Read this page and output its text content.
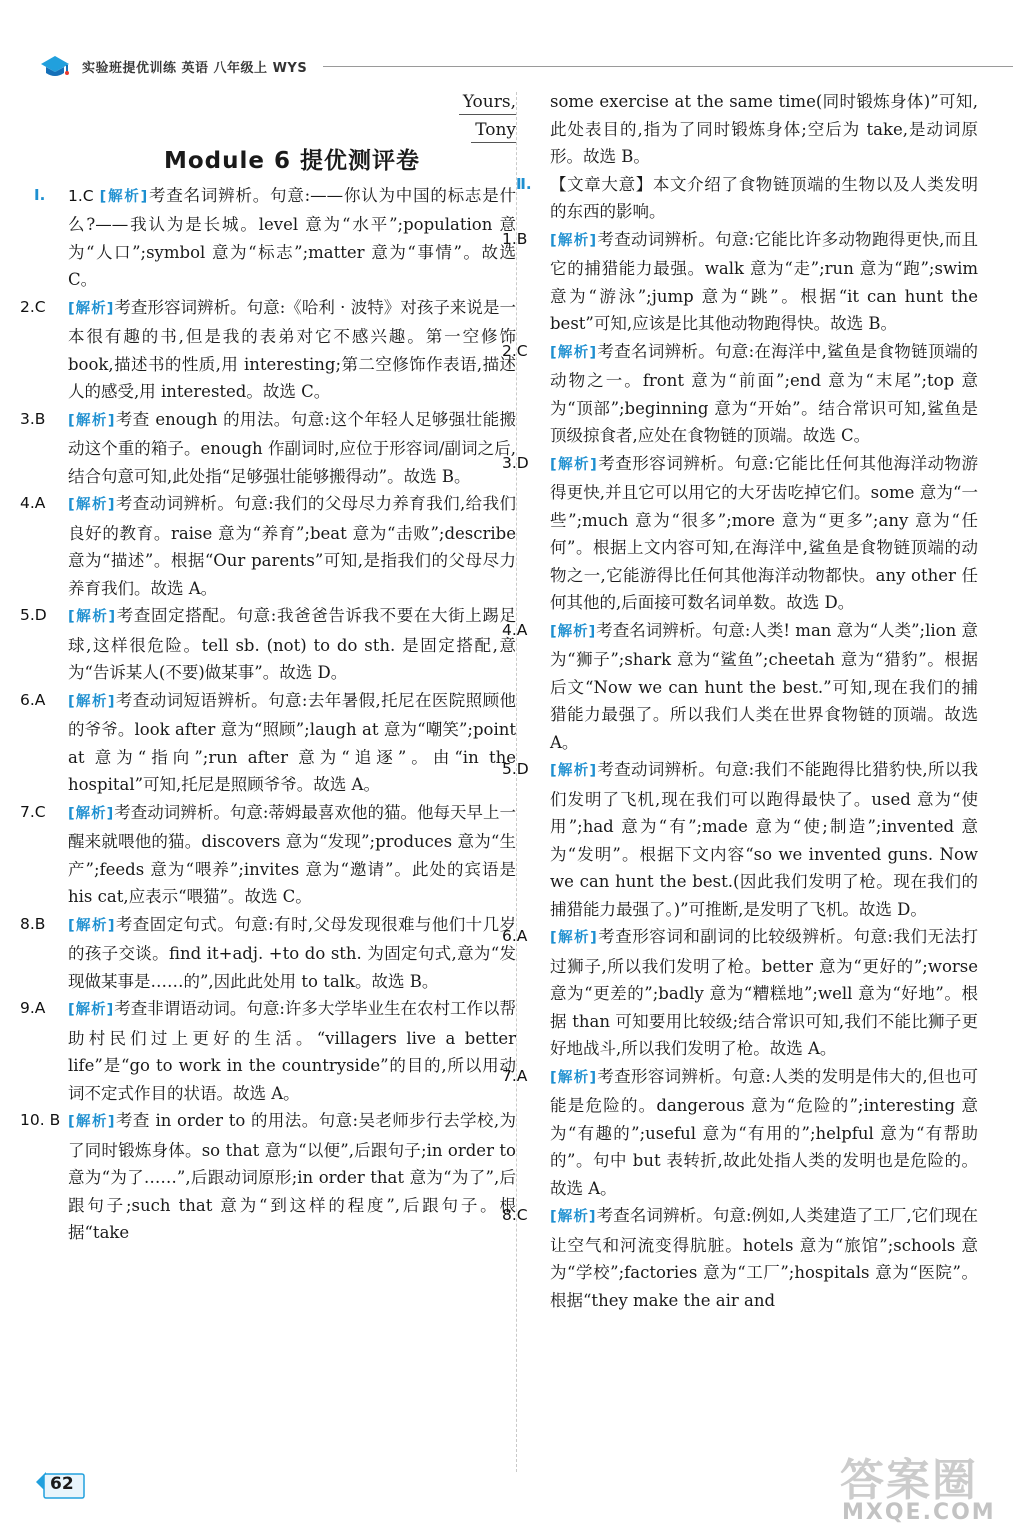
实验班提优训练 英语 八年级上 WYS
Yours,
Tony
Module 6 提优测评卷

Ⅰ. 1.C [解析]考查名词辨析。句意:——你认为中国的标志是什么?——我认为是长城。level 意为“水平”;population 意为“人口”;symbol 意为“标志”;matter 意为“事情”。故选 C。

2.C [解析]考查形容词辨析。句意:《哈利 · 波特》对孩子来说是一本很有趣的书,但是我的表弟对它不感兴趣。第一空修饰 book,描述书的性质,用 interesting;第二空修饰作表语,描述人的感受,用 interested。故选 C。

3.B [解析]考查 enough 的用法。句意:这个年轻人足够强壮能搬动这个重的箱子。enough 作副词时,应位于形容词/副词之后,结合句意可知,此处指“足够强壮能够搬得动”。故选 B。

4.A [解析]考查动词辨析。句意:我们的父母尽力养育我们,给我们良好的教育。raise 意为“养育”;beat 意为“击败”;describe 意为“描述”。根据“Our parents”可知,是指我们的父母尽力养育我们。故选 A。

5.D [解析]考查固定搭配。句意:我爸爸告诉我不要在大街上踢足球,这样很危险。tell sb. (not) to do sth. 是固定搭配,意为“告诉某人(不要)做某事”。故选 D。

6.A [解析]考查动词短语辨析。句意:去年暑假,托尼在医院照顾他的爷爷。look after 意为“照顾”;laugh at 意为“嘲笑”;point at 意为“指向”;run after 意为“追逐”。由“in the hospital”可知,托尼是照顾爷爷。故选 A。

7.C [解析]考查动词辨析。句意:蒂姆最喜欢他的猫。他每天早上一醒来就喂他的猫。discovers 意为“发现”;produces 意为“生产”;feeds 意为“喂养”;invites 意为“邀请”。此处的宾语是 his cat,应表示“喂猫”。故选 C。

8.B [解析]考查固定句式。句意:有时,父母发现很难与他们十几岁的孩子交谈。find it+adj. +to do sth. 为固定句式,意为“发现做某事是……的”,因此此处用 to talk。故选 B。

9.A [解析]考查非谓语动词。句意:许多大学毕业生在农村工作以帮助村民们过上更好的生活。“villagers live a better life”是“go to work in the countryside”的目的,所以用动词不定式作目的状语。故选 A。

10. B [解析]考查 in order to 的用法。句意:吴老师步行去学校,为了同时锻炼身体。so that 意为“以便”,后跟句子;in order to 意为“为了……”,后跟动词原形;in order that 意为“为了”,后跟句子;such that 意为“到这样的程度”,后跟句子。根据“take

some exercise at the same time(同时锻炼身体)”可知,此处表目的,指为了同时锻炼身体;空后为 take,是动词原形。故选 B。

Ⅱ. 【文章大意】本文介绍了食物链顶端的生物以及人类发明的东西的影响。

1.B [解析]考查动词辨析。句意:它能比许多动物跑得更快,而且它的捕猎能力最强。walk 意为“走”;run 意为“跑”;swim 意为“游泳”;jump 意为“跳”。根据“it can hunt the best”可知,应该是比其他动物跑得快。故选 B。

2.C [解析]考查名词辨析。句意:在海洋中,鲨鱼是食物链顶端的动物之一。front 意为“前面”;end 意为“末尾”;top 意为“顶部”;beginning 意为“开始”。结合常识可知,鲨鱼是顶级掠食者,应处在食物链的顶端。故选 C。

3.D [解析]考查形容词辨析。句意:它能比任何其他海洋动物游得更快,并且它可以用它的大牙齿吃掉它们。some 意为“一些”;much 意为“很多”;more 意为“更多”;any 意为“任何”。根据上文内容可知,在海洋中,鲨鱼是食物链顶端的动物之一,它能游得比任何其他海洋动物都快。any other 任何其他的,后面接可数名词单数。故选 D。

4.A [解析]考查名词辨析。句意:人类! man 意为“人类”;lion 意为“狮子”;shark 意为“鲨鱼”;cheetah 意为“猎豹”。根据后文“Now we can hunt the best.”可知,现在我们的捕猎能力最强了。所以我们人类在世界食物链的顶端。故选 A。

5.D [解析]考查动词辨析。句意:我们不能跑得比猎豹快,所以我们发明了飞机,现在我们可以跑得最快了。used 意为“使用”;had 意为“有”;made 意为“使;制造”;invented 意为“发明”。根据下文内容“so we invented guns. Now we can hunt the best.(因此我们发明了枪。现在我们的捕猎能力最强了。)”可推断,是发明了飞机。故选 D。

6.A [解析]考查形容词和副词的比较级辨析。句意:我们无法打过狮子,所以我们发明了枪。better 意为“更好的”;worse 意为“更差的”;badly 意为“糟糕地”;well 意为“好地”。根据 than 可知要用比较级;结合常识可知,我们不能比狮子更好地战斗,所以我们发明了枪。故选 A。

7.A [解析]考查形容词辨析。句意:人类的发明是伟大的,但也可能是危险的。dangerous 意为“危险的”;interesting 意为“有趣的”;useful 意为“有用的”;helpful 意为“有帮助的”。句中 but 表转折,故此处指人类的发明也是危险的。故选 A。

8.C [解析]考查名词辨析。句意:例如,人类建造了工厂,它们现在让空气和河流变得肮脏。hotels 意为“旅馆”;schools 意为“学校”;factories 意为“工厂”;hospitals 意为“医院”。根据“they make the air and

62	答案圈
MXQE.COM
